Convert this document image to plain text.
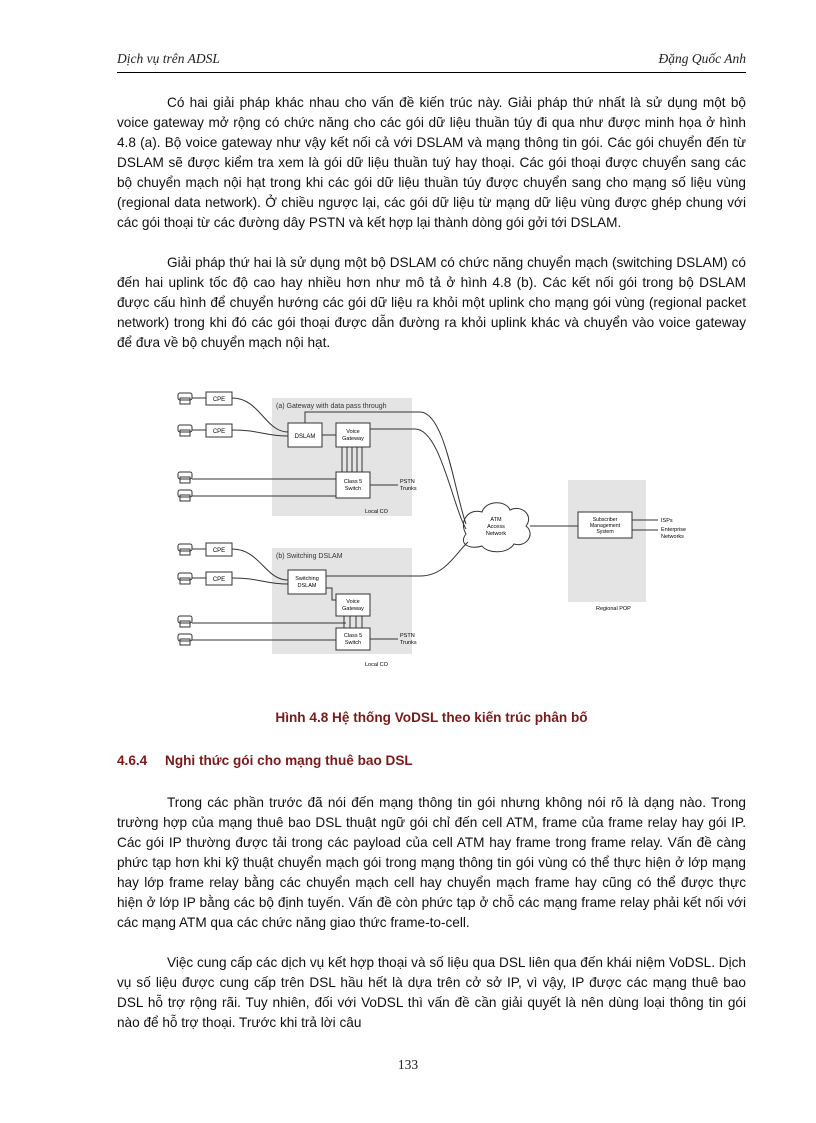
Dịch vụ trên ADSL	Đặng Quốc Anh

Có hai giải pháp khác nhau cho vấn đề kiến trúc này. Giải pháp thứ nhất là sử dụng một bộ voice gateway mở rộng có chức năng cho các gói dữ liệu thuần túy đi qua như được minh họa ở hình 4.8 (a). Bộ voice gateway như vậy kết nối cả với DSLAM và mạng thông tin gói. Các gói chuyển đến từ DSLAM sẽ được kiểm tra xem là gói dữ liệu thuần tuý hay thoại. Các gói thoại được chuyển sang các bộ chuyển mạch nội hạt trong khi các gói dữ liệu thuần túy được chuyển sang cho mạng số liệu vùng (regional data network). Ở chiều ngược lại, các gói dữ liệu từ mạng dữ liệu vùng được ghép chung với các gói thoại từ các đường dây PSTN và kết hợp lại thành dòng gói gởi tới DSLAM.

Giải pháp thứ hai là sử dụng một bộ DSLAM có chức năng chuyển mạch (switching DSLAM) có đến hai uplink tốc độ cao hay nhiều hơn như mô tả ở hình 4.8 (b). Các kết nối gói trong bộ DSLAM được cấu hình để chuyển hướng các gói dữ liệu ra khỏi một uplink cho mạng gói vùng (regional packet network) trong khi đó các gói thoại được dẫn đường ra khỏi uplink khác và chuyển vào voice gateway để đưa về bộ chuyển mạch nội hạt.

(a) Gateway with data pass through
(b) Switching DSLAM
CPE
CPE
CPE
CPE
DSLAM
Voice
Gateway
Class 5
Switch
PSTN
Trunks
Local CO
Switching
DSLAM
Voice
Gateway
Class 5
Switch
PSTN
Trunks
Local CO
ATM
Access
Network
Subscriber
Management
System
ISPs
Enterprise
Networks
Regional POP
Hình 4.8 Hệ thống VoDSL theo kiến trúc phân bố
4.6.4 Nghi thức gói cho mạng thuê bao DSL

Trong các phần trước đã nói đến mạng thông tin gói nhưng không nói rõ là dạng nào. Trong trường hợp của mạng thuê bao DSL thuật ngữ gói chỉ đến cell ATM, frame của frame relay hay gói IP. Các gói IP thường được tải trong các payload của cell ATM hay frame trong frame relay. Vấn đề càng phức tạp hơn khi kỹ thuật chuyển mạch gói trong mạng thông tin gói vùng có thể thực hiện ở lớp mạng hay lớp frame relay bằng các chuyển mạch cell hay chuyển mạch frame hay cũng có thể được thực hiện ở lớp IP bằng các bộ định tuyến. Vấn đề còn phức tạp ở chỗ các mạng frame relay phải kết nối với các mạng ATM qua các chức năng giao thức frame-to-cell.

Việc cung cấp các dịch vụ kết hợp thoại và số liệu qua DSL liên qua đến khái niệm VoDSL. Dịch vụ số liệu được cung cấp trên DSL hầu hết là dựa trên cở sở IP, vì vậy, IP được các mạng thuê bao DSL hỗ trợ rộng rãi. Tuy nhiên, đối với VoDSL thì vấn đề cần giải quyết là nên dùng loại thông tin gói nào để hỗ trợ thoại. Trước khi trả lời câu

133
